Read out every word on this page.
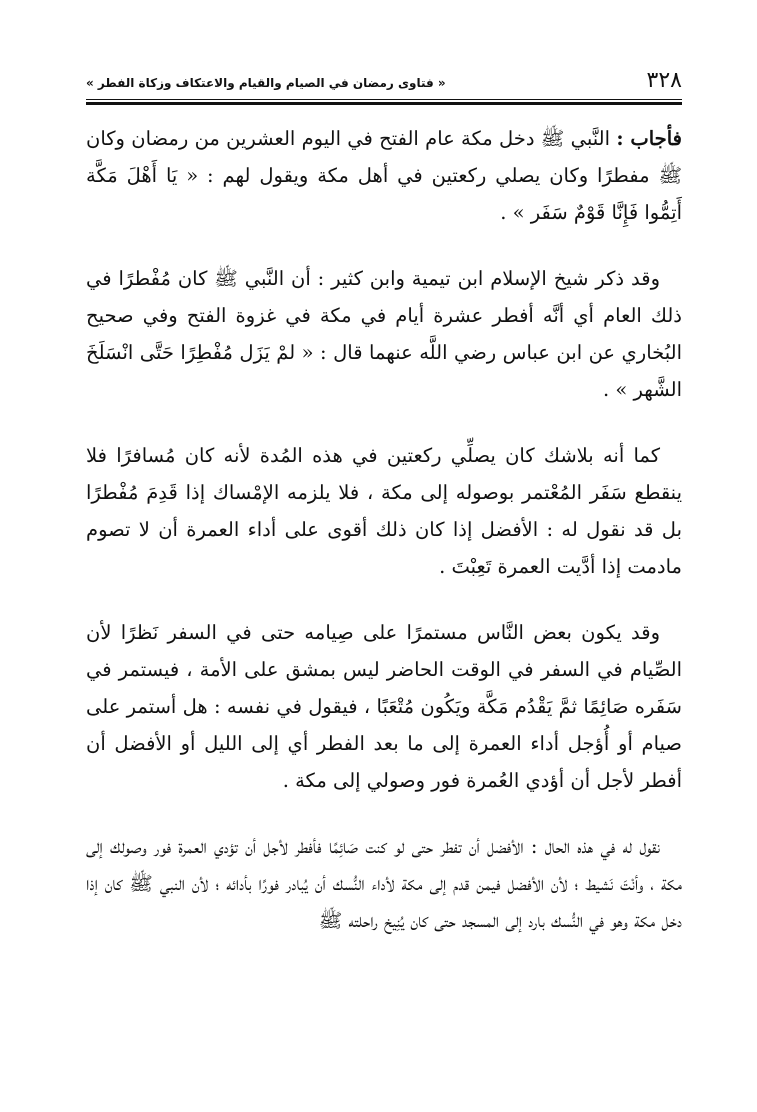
٣٢٨
« فتاوى رمضان في الصيام والقيام والاعتكاف وزكاة الفطر »

فأجاب : النَّبي ﷺ دخل مكة عام الفتح في اليوم العشرين من رمضان وكان ﷺ مفطرًا وكان يصلي ركعتين في أهل مكة ويقول لهم : « يَا أَهْلَ مَكَّة أَتِمُّوا فَإِنَّا قَوْمٌ سَفَر » .

وقد ذكر شيخ الإسلام ابن تيمية وابن كثير : أن النَّبي ﷺ كان مُفْطرًا في ذلك العام أي أنَّه أفطر عشرة أيام في مكة في غزوة الفتح وفي صحيح البُخاري عن ابن عباس رضي اللَّه عنهما قال : « لمْ يَزَل مُفْطِرًا حَتَّى انْسَلَخَ الشَّهر » .

كما أنه بلاشك كان يصلِّي ركعتين في هذه المُدة لأنه كان مُسافرًا فلا ينقطع سَفَر المُعْتمر بوصوله إلى مكة ، فلا يلزمه الإمْساك إذا قَدِمَ مُفْطرًا بل قد نقول له : الأفضل إذا كان ذلك أقوى على أداء العمرة أن لا تصوم مادمت إذا أدَّيت العمرة تَعِبْتَ .

وقد يكون بعض النَّاس مستمرًا على صِيامه حتى في السفر نَظرًا لأن الصِّيام في السفر في الوقت الحاضر ليس بمشق على الأمة ، فيستمر في سَفَره صَائِمًا ثمَّ يَقْدُم مَكَّة ويَكُون مُتْعَبًا ، فيقول في نفسه : هل أستمر على صيام أو أُؤجل أداء العمرة إلى ما بعد الفطر أي إلى الليل أو الأفضل أن أفطر لأجل أن أؤدي العُمرة فور وصولي إلى مكة .

نقول له في هذه الحال : الأفضل أن تفطر حتى لو كنت صَائِمًا فأفطر لأجل أن تؤدي العمرة فور وصولك إلى مكة ، وأنْتَ نَشيط ؛ لأن الأفضل فيمن قدم إلى مكة لأداء النُّسك أن يُبادر فورًا بأدائه ؛ لأن النبي ﷺ كان إذا دخل مكة وهو في النُّسك بارد إلى المسجد حتى كان يُنِيخ راحلته ﷺ
